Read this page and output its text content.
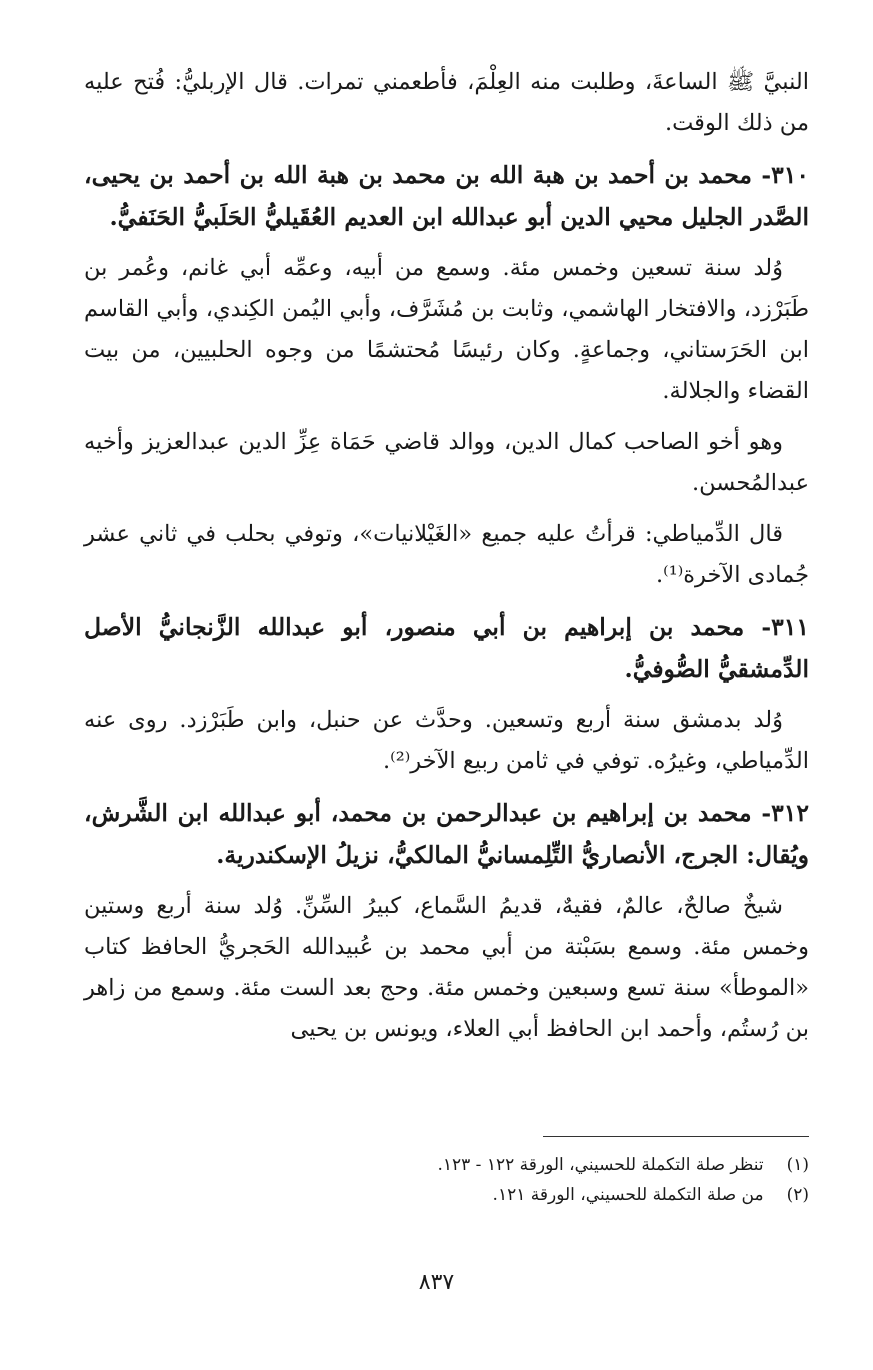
النبيَّ ﷺ الساعةَ، وطلبت منه العِلْمَ، فأطعمني تمرات. قال الإربليُّ: فُتح عليه من ذلك الوقت.

٣١٠- محمد بن أحمد بن هبة الله بن محمد بن هبة الله بن أحمد بن يحيى، الصَّدر الجليل محيي الدين أبو عبدالله ابن العديم العُقَيليُّ الحَلَبيُّ الحَنَفيُّ.

وُلد سنة تسعين وخمس مئة. وسمع من أبيه، وعمِّه أبي غانم، وعُمر بن طَبَرْزد، والافتخار الهاشمي، وثابت بن مُشَرَّف، وأبي اليُمن الكِندي، وأبي القاسم ابن الحَرَستاني، وجماعةٍ. وكان رئيسًا مُحتشمًا من وجوه الحلبيين، من بيت القضاء والجلالة.

وهو أخو الصاحب كمال الدين، ووالد قاضي حَمَاة عِزِّ الدين عبدالعزيز وأخيه عبدالمُحسن.

قال الدِّمياطي: قرأتُ عليه جميع «الغَيْلانيات»، وتوفي بحلب في ثاني عشر جُمادى الآخرة⁽¹⁾.

٣١١- محمد بن إبراهيم بن أبي منصور، أبو عبدالله الزَّنجانيُّ الأصل الدِّمشقيُّ الصُّوفيُّ.

وُلد بدمشق سنة أربع وتسعين. وحدَّث عن حنبل، وابن طَبَرْزد. روى عنه الدِّمياطي، وغيرُه. توفي في ثامن ربيع الآخر⁽²⁾.

٣١٢- محمد بن إبراهيم بن عبدالرحمن بن محمد، أبو عبدالله ابن الشَّرش، ويُقال: الجرج، الأنصاريُّ التِّلِمسانيُّ المالكيُّ، نزيلُ الإسكندرية.

شيخٌ صالحٌ، عالمٌ، فقيهٌ، قديمُ السَّماع، كبيرُ السِّنِّ. وُلد سنة أربع وستين وخمس مئة. وسمع بسَبْتة من أبي محمد بن عُبيدالله الحَجريُّ الحافظ كتاب «الموطأ» سنة تسع وسبعين وخمس مئة. وحج بعد الست مئة. وسمع من زاهر بن رُستُم، وأحمد ابن الحافظ أبي العلاء، ويونس بن يحيى

(١) تنظر صلة التكملة للحسيني، الورقة ١٢٢ - ١٢٣.
(٢) من صلة التكملة للحسيني، الورقة ١٢١.
٨٣٧
